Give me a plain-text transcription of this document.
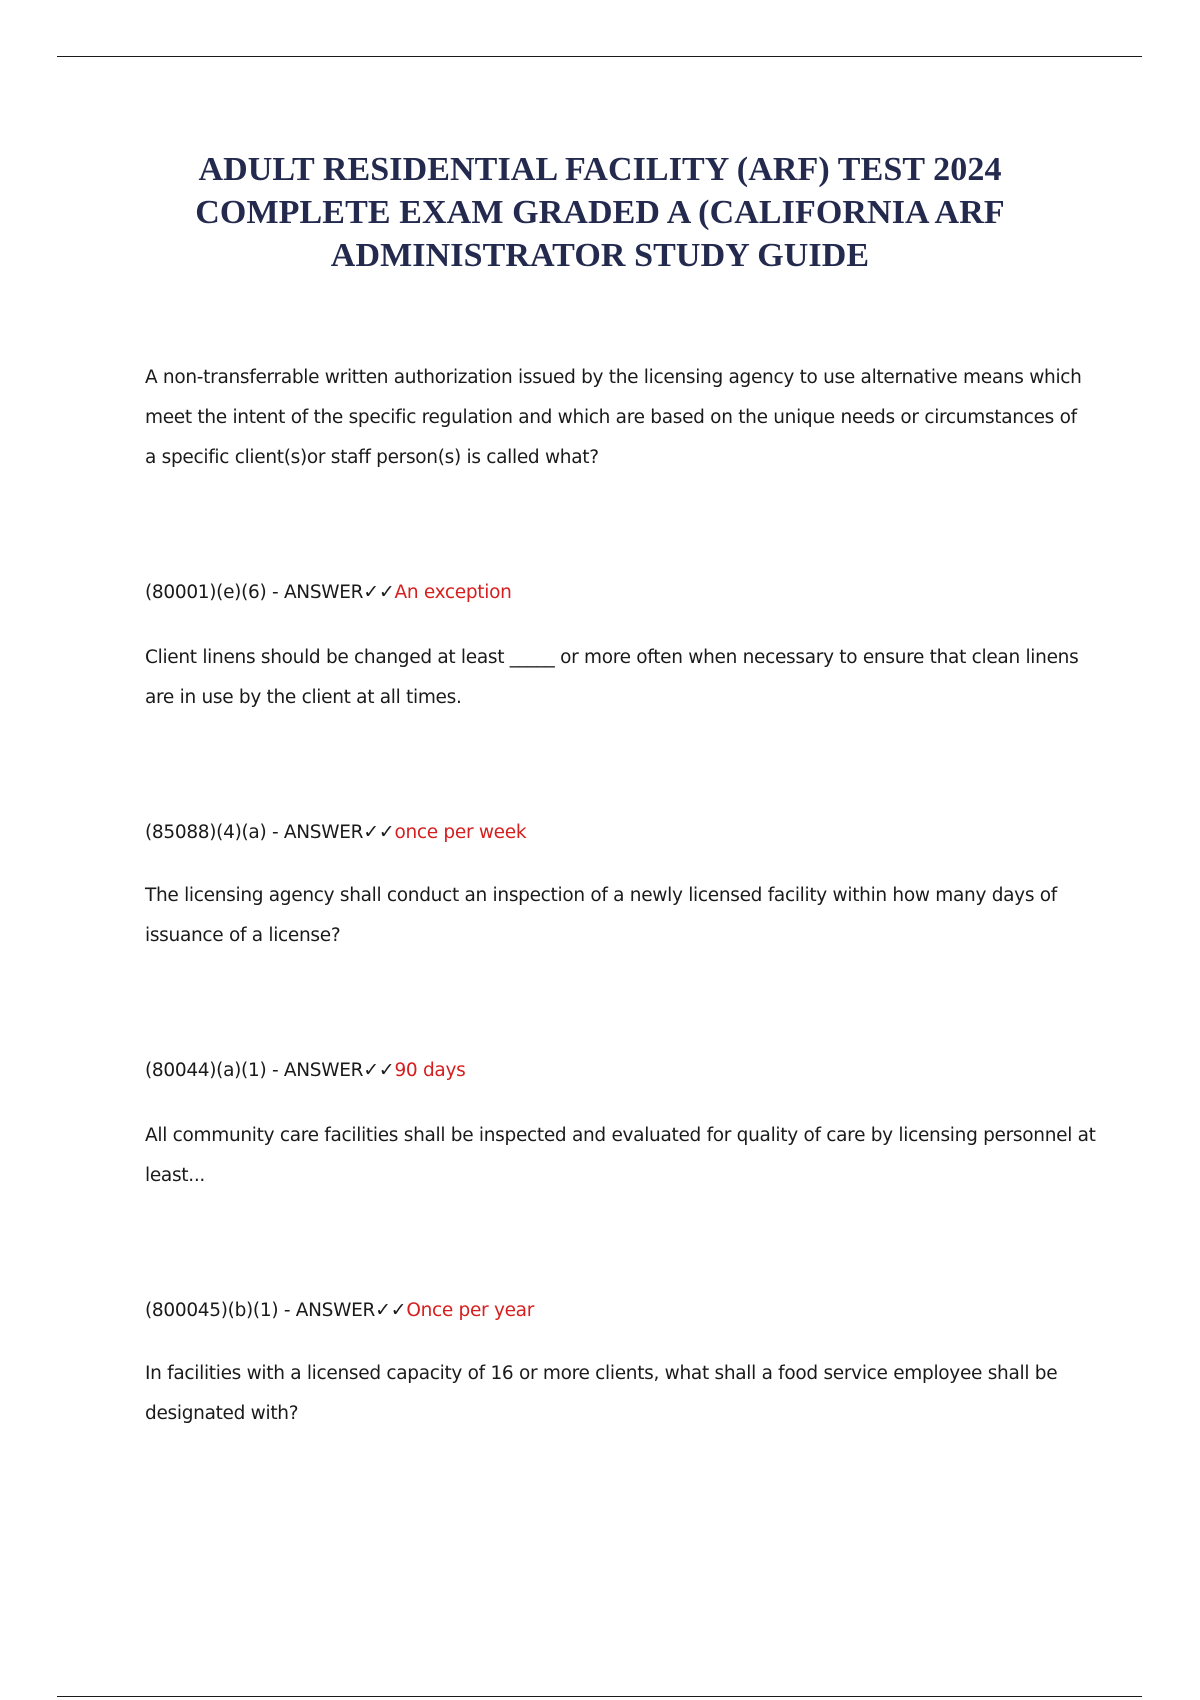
ADULT RESIDENTIAL FACILITY (ARF) TEST 2024
COMPLETE EXAM GRADED A (CALIFORNIA ARF
ADMINISTRATOR STUDY GUIDE
A non-transferrable written authorization issued by the licensing agency to use alternative means which
meet the intent of the specific regulation and which are based on the unique needs or circumstances of
a specific client(s)or staff person(s) is called what?
(80001)(e)(6) - ANSWER✓✓An exception
Client linens should be changed at least _____ or more often when necessary to ensure that clean linens
are in use by the client at all times.
(85088)(4)(a) - ANSWER✓✓once per week
The licensing agency shall conduct an inspection of a newly licensed facility within how many days of
issuance of a license?
(80044)(a)(1) - ANSWER✓✓90 days
All community care facilities shall be inspected and evaluated for quality of care by licensing personnel at
least...
(800045)(b)(1) - ANSWER✓✓Once per year
In facilities with a licensed capacity of 16 or more clients, what shall a food service employee shall be
designated with?
